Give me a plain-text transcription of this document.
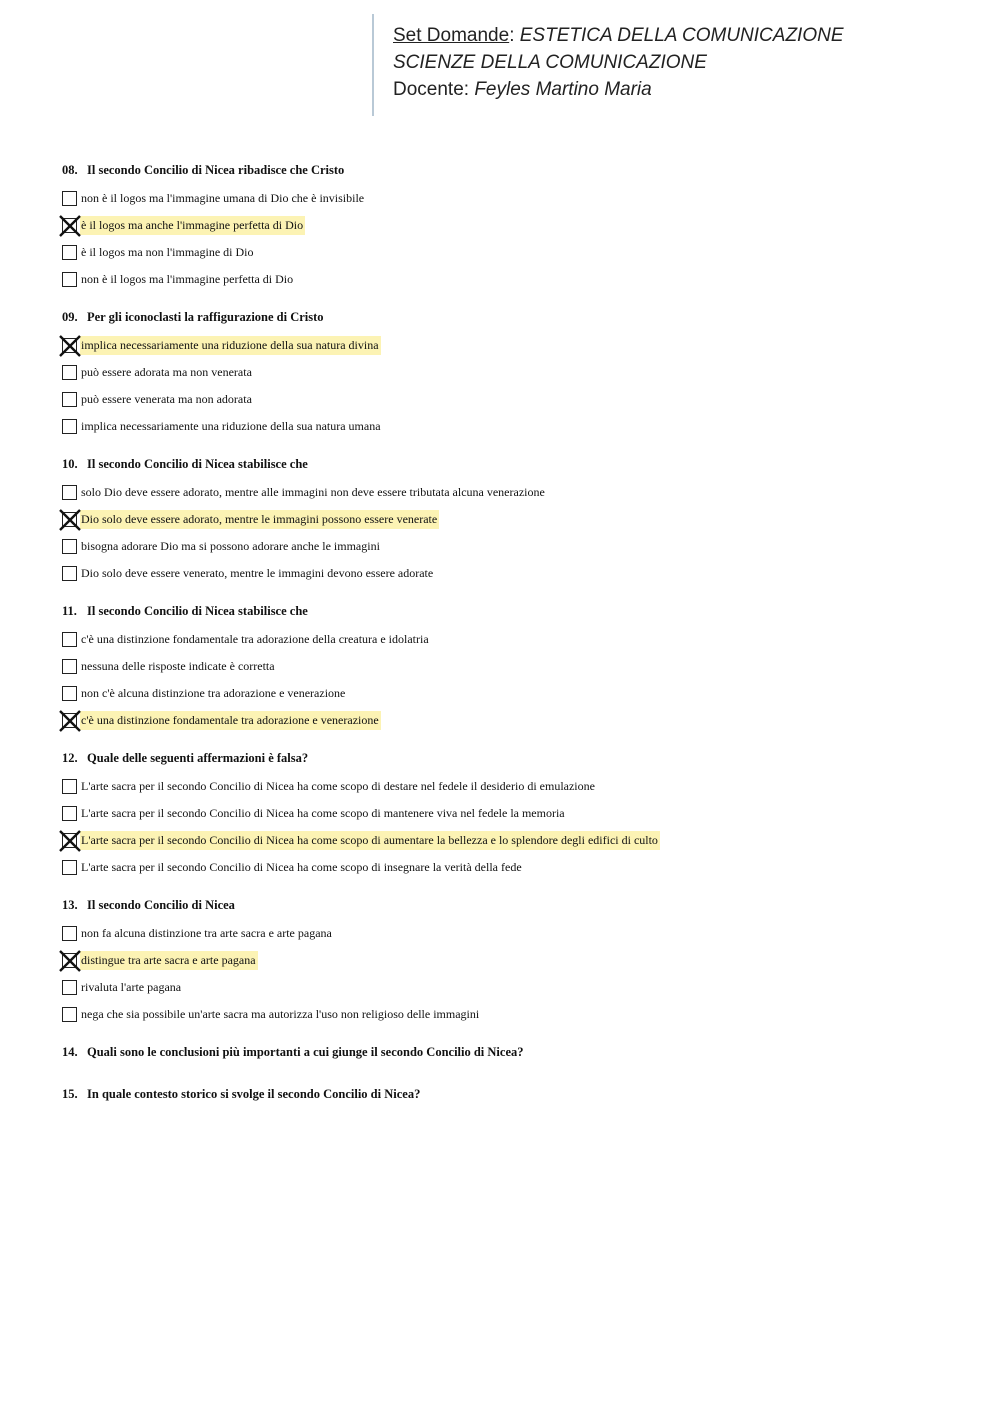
Set Domande: ESTETICA DELLA COMUNICAZIONE
SCIENZE DELLA COMUNICAZIONE
Docente: Feyles Martino Maria
08. Il secondo Concilio di Nicea ribadisce che Cristo
non è il logos ma l'immagine umana di Dio che è invisibile
è il logos ma anche l'immagine perfetta di Dio
è il logos ma non l'immagine di Dio
non è il logos ma l'immagine perfetta di Dio
09. Per gli iconoclasti la raffigurazione di Cristo
implica necessariamente una riduzione della sua natura divina
può essere adorata ma non venerata
può essere venerata ma non adorata
implica necessariamente una riduzione della sua natura umana
10. Il secondo Concilio di Nicea stabilisce che
solo Dio deve essere adorato, mentre alle immagini non deve essere tributata alcuna venerazione
Dio solo deve essere adorato, mentre le immagini possono essere venerate
bisogna adorare Dio ma si possono adorare anche le immagini
Dio solo deve essere venerato, mentre le immagini devono essere adorate
11. Il secondo Concilio di Nicea stabilisce che
c'è una distinzione fondamentale tra adorazione della creatura e idolatria
nessuna delle risposte indicate è corretta
non c'è alcuna distinzione tra adorazione e venerazione
c'è una distinzione fondamentale tra adorazione e venerazione
12. Quale delle seguenti affermazioni è falsa?
L'arte sacra per il secondo Concilio di Nicea ha come scopo di destare nel fedele il desiderio di emulazione
L'arte sacra per il secondo Concilio di Nicea ha come scopo di mantenere viva nel fedele la memoria
L'arte sacra per il secondo Concilio di Nicea ha come scopo di aumentare la bellezza e lo splendore degli edifici di culto
L'arte sacra per il secondo Concilio di Nicea ha come scopo di insegnare la verità della fede
13. Il secondo Concilio di Nicea
non fa alcuna distinzione tra arte sacra e arte pagana
distingue tra arte sacra e arte pagana
rivaluta l'arte pagana
nega che sia possibile un'arte sacra ma autorizza l'uso non religioso delle immagini
14. Quali sono le conclusioni più importanti a cui giunge il secondo Concilio di Nicea?
15. In quale contesto storico si svolge il secondo Concilio di Nicea?
